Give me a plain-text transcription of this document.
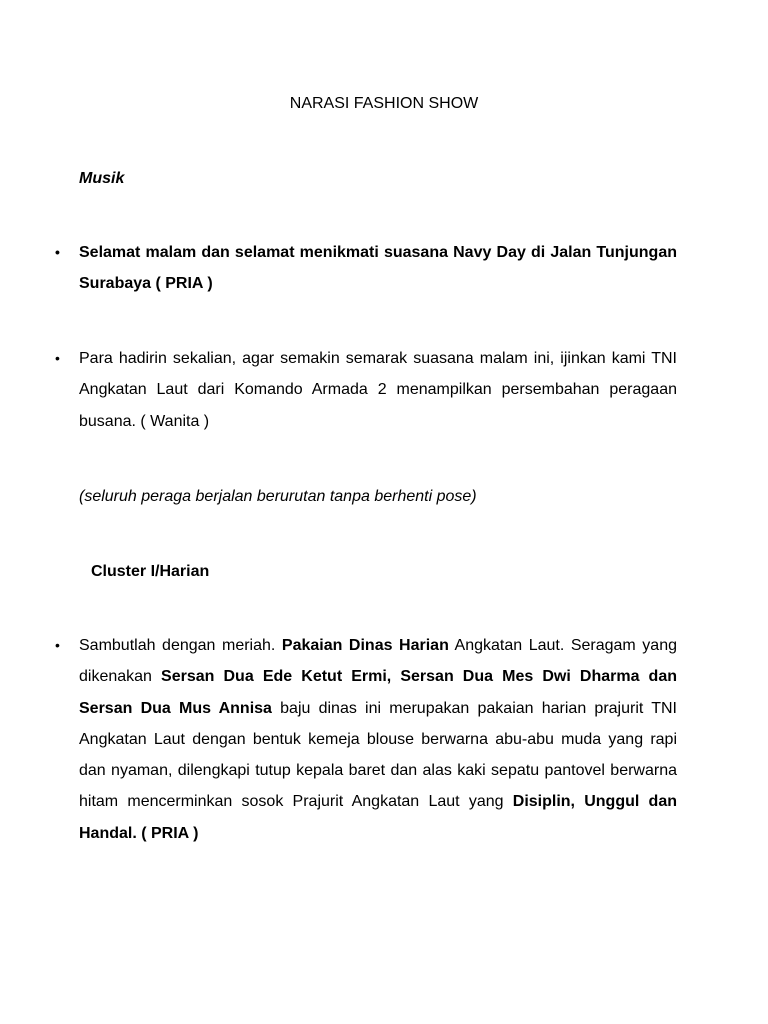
NARASI FASHION SHOW

Musik

•	Selamat malam dan selamat menikmati suasana Navy Day di Jalan Tunjungan Surabaya ( PRIA )
•	Para hadirin sekalian, agar semakin semarak suasana malam ini, ijinkan kami TNI Angkatan Laut dari Komando Armada 2 menampilkan persembahan peragaan busana. ( Wanita )

(seluruh peraga berjalan berurutan tanpa berhenti pose)

Cluster I/Harian

•	Sambutlah dengan meriah. Pakaian Dinas Harian Angkatan Laut. Seragam yang dikenakan Sersan Dua Ede Ketut Ermi, Sersan Dua Mes Dwi Dharma dan Sersan Dua Mus Annisa baju dinas ini merupakan pakaian harian prajurit TNI Angkatan Laut dengan bentuk kemeja blouse berwarna abu-abu muda yang rapi dan nyaman, dilengkapi tutup kepala baret dan alas kaki sepatu pantovel berwarna hitam mencerminkan sosok Prajurit Angkatan Laut yang Disiplin, Unggul dan Handal. ( PRIA )
